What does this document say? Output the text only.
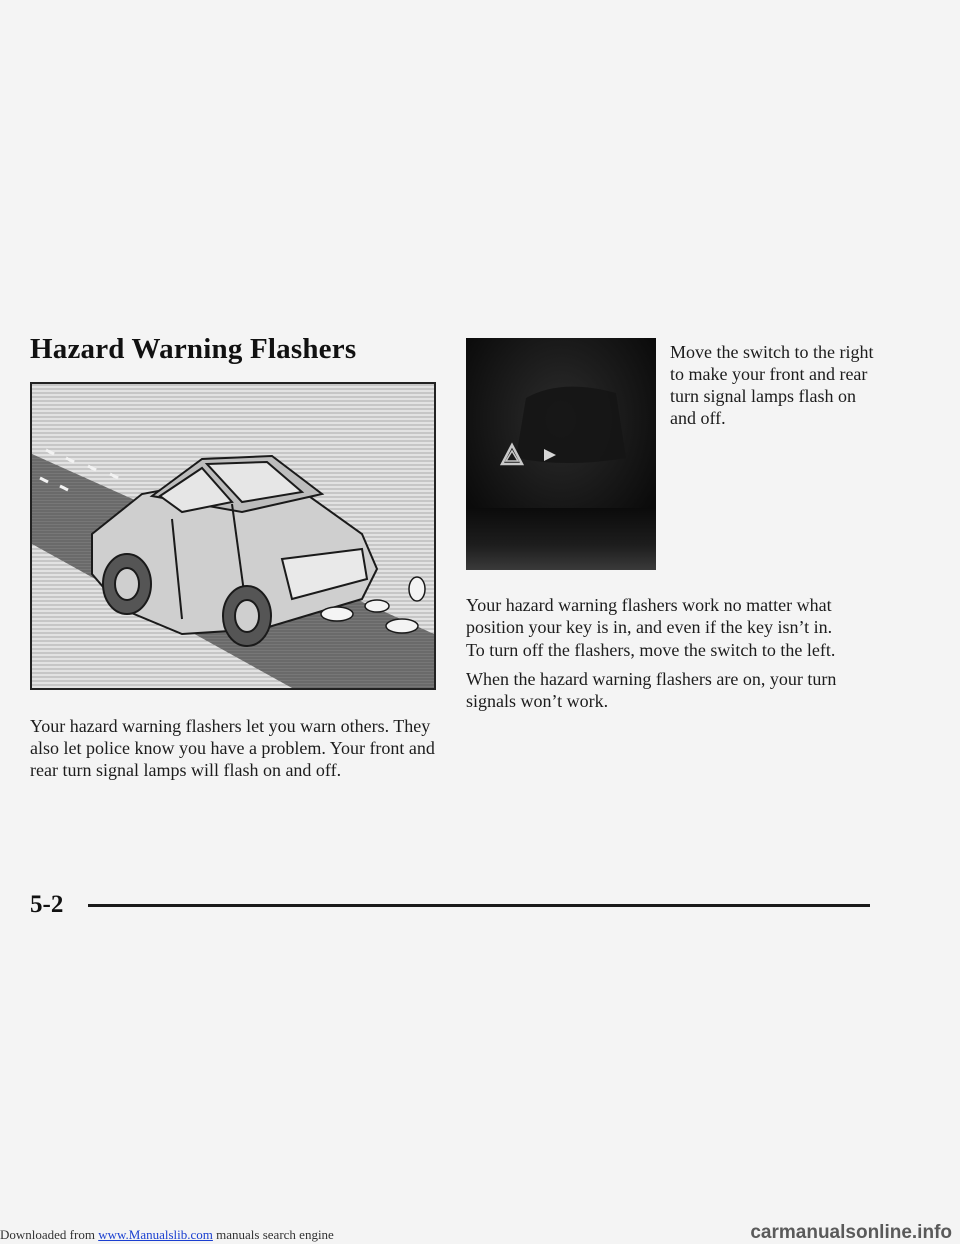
Hazard Warning Flashers

Your hazard warning flashers let you warn others. They also let police know you have a problem. Your front and rear turn signal lamps will flash on and off.

Move the switch to the right to make your front and rear turn signal lamps flash on and off.

Your hazard warning flashers work no matter what position your key is in, and even if the key isn’t in.

To turn off the flashers, move the switch to the left.

When the hazard warning flashers are on, your turn signals won’t work.

5-2

Downloaded from www.Manualslib.com manuals search engine	carmanualsonline.info
